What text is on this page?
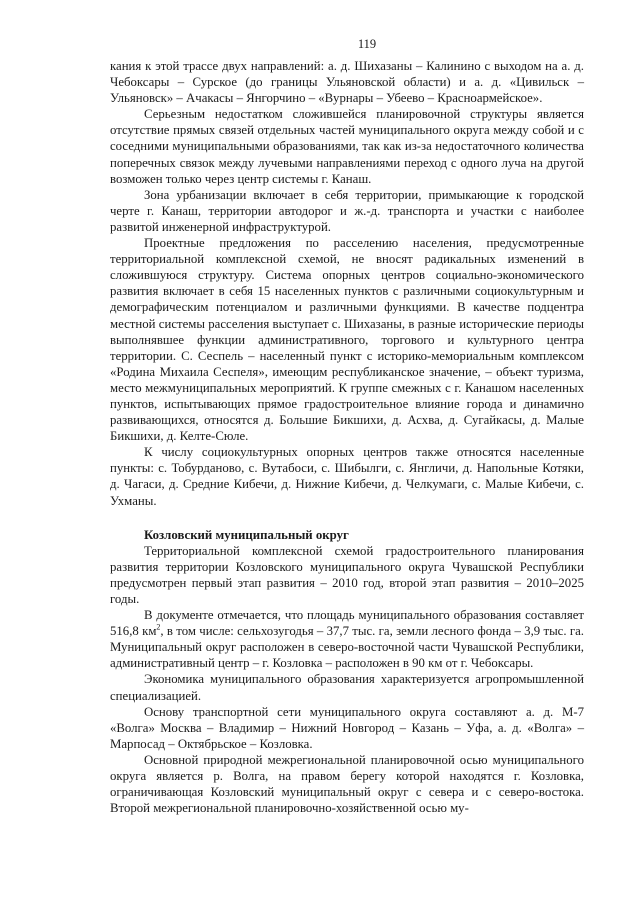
119

кания к этой трассе двух направлений: а. д. Шихазаны – Калинино с выходом на а. д. Чебоксары – Сурское (до границы Ульяновской области) и а. д. «Цивильск – Ульяновск» – Ачакасы – Янгорчино – «Вурнары – Убеево – Красноармейское».

Серьезным недостатком сложившейся планировочной структуры является отсутствие прямых связей отдельных частей муниципального округа между собой и с соседними муниципальными образованиями, так как из-за недостаточного количества поперечных связок между лучевыми направлениями переход с одного луча на другой возможен только через центр системы г. Канаш.

Зона урбанизации включает в себя территории, примыкающие к городской черте г. Канаш, территории автодорог и ж.-д. транспорта и участки с наиболее развитой инженерной инфраструктурой.

Проектные предложения по расселению населения, предусмотренные территориальной комплексной схемой, не вносят радикальных изменений в сложившуюся структуру. Система опорных центров социально-экономического развития включает в себя 15 населенных пунктов с различными социокультурным и демографическим потенциалом и различными функциями. В качестве подцентра местной системы расселения выступает с. Шихазаны, в разные исторические периоды выполнявшее функции административного, торгового и культурного центра территории. С. Сеспель – населенный пункт с историко-мемориальным комплексом «Родина Михаила Сеспеля», имеющим республиканское значение, – объект туризма, место межмуниципальных мероприятий. К группе смежных с г. Канашом населенных пунктов, испытывающих прямое градостроительное влияние города и динамично развивающихся, относятся д. Большие Бикшихи, д. Асхва, д. Сугайкасы, д. Малые Бикшихи, д. Келте-Сюле.

К числу социокультурных опорных центров также относятся населенные пункты: с. Тобурданово, с. Вутабоси, с. Шибылги, с. Янгличи, д. Напольные Котяки, д. Чагаси, д. Средние Кибечи, д. Нижние Кибечи, д. Челкумаги, с. Малые Кибечи, с. Ухманы.

Козловский муниципальный округ

Территориальной комплексной схемой градостроительного планирования развития территории Козловского муниципального округа Чувашской Республики предусмотрен первый этап развития – 2010 год, второй этап развития – 2010–2025 годы.

В документе отмечается, что площадь муниципального образования составляет 516,8 $км^2$, в том числе: сельхозугодья – 37,7 тыс. га, земли лесного фонда – 3,9 тыс. га. Муниципальный округ расположен в северо-восточной части Чувашской Республики, административный центр – г. Козловка – расположен в 90 км от г. Чебоксары.

Экономика муниципального образования характеризуется агропромышленной специализацией.

Основу транспортной сети муниципального округа составляют а. д. М-7 «Волга» Москва – Владимир – Нижний Новгород – Казань – Уфа, а. д. «Волга» – Марпосад – Октябрьское – Козловка.

Основной природной межрегиональной планировочной осью муниципального округа является р. Волга, на правом берегу которой находятся г. Козловка, ограничивающая Козловский муниципальный округ с севера и с северо-востока. Второй межрегиональной планировочно-хозяйственной осью му-
